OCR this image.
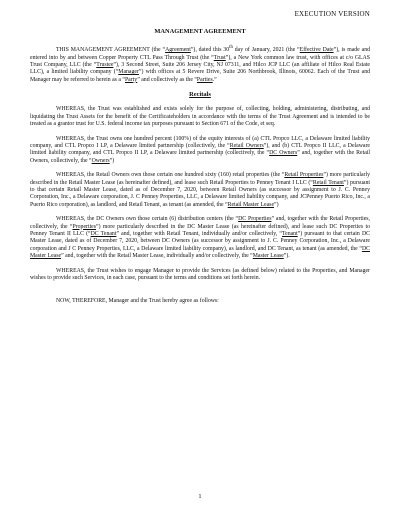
EXECUTION VERSION
MANAGEMENT AGREEMENT

THIS MANAGEMENT AGREEMENT (the “Agreement”), dated this 30th day of January, 2021 (the “Effective Date”), is made and entered into by and between Copper Property CTL Pass Through Trust (the “Trust”), a New York common law trust, with offices at c/o GLAS Trust Company, LLC (the “Trustee”), 3 Second Street, Suite 206 Jersey City, NJ 07311, and Hilco JCP LLC (an affiliate of Hilco Real Estate LLC), a limited liability company (“Manager”) with offices at 5 Revere Drive, Suite 206 Northbrook, Illinois, 60062. Each of the Trust and Manager may be referred to herein as a “Party” and collectively as the “Parties.”

Recitals

WHEREAS, the Trust was established and exists solely for the purpose of, collecting, holding, administering, distributing, and liquidating the Trust Assets for the benefit of the Certificateholders in accordance with the terms of the Trust Agreement and is intended to be treated as a grantor trust for U.S. federal income tax purposes pursuant to Section 671 of the Code, et seq.

WHEREAS, the Trust owns one hundred percent (100%) of the equity interests of (a) CTL Propco LLC, a Delaware limited liability company, and CTL Propco I LP, a Delaware limited partnership (collectively, the “Retail Owners”), and (b) CTL Propco II LLC, a Delaware limited liability company, and CTL Propco II LP, a Delaware limited partnership (collectively, the “DC Owners” and, together with the Retail Owners, collectively, the “Owners”)

WHEREAS, the Retail Owners own those certain one hundred sixty (160) retail properties (the “Retail Properties”) more particularly described in the Retail Master Lease (as hereinafter defined), and lease such Retail Properties to Penney Tenant I LLC (“Retail Tenant”) pursuant to that certain Retail Master Lease, dated as of December 7, 2020, between Retail Owners (as successor by assignment to J. C. Penney Corporation, Inc., a Delaware corporation, J. C Penney Properties, LLC, a Delaware limited liability company, and JCPenney Puerto Rico, Inc., a Puerto Rico corporation), as landlord, and Retail Tenant, as tenant (as amended, the “Retail Master Lease”)

WHEREAS, the DC Owners own those certain (6) distribution centers (the “DC Properties” and, together with the Retail Properties, collectively, the “Properties”) more particularly described in the DC Master Lease (as hereinafter defined), and lease such DC Properties to Penney Tenant II LLC (“DC Tenant” and, together with Retail Tenant, individually and/or collectively, “Tenant”) pursuant to that certain DC Master Lease, dated as of December 7, 2020, between DC Owners (as successor by assignment to J. C. Penney Corporation, Inc., a Delaware corporation and J C Penney Properties, LLC, a Delaware limited liability company), as landlord, and DC Tenant, as tenant (as amended, the “DC Master Lease” and, together with the Retail Master Lease, individually and/or collectively, the “Master Lease”).

WHEREAS, the Trust wishes to engage Manager to provide the Services (as defined below) related to the Properties, and Manager wishes to provide such Services, in each case, pursuant to the terms and conditions set forth herein.

NOW, THEREFORE, Manager and the Trust hereby agree as follows:

1
